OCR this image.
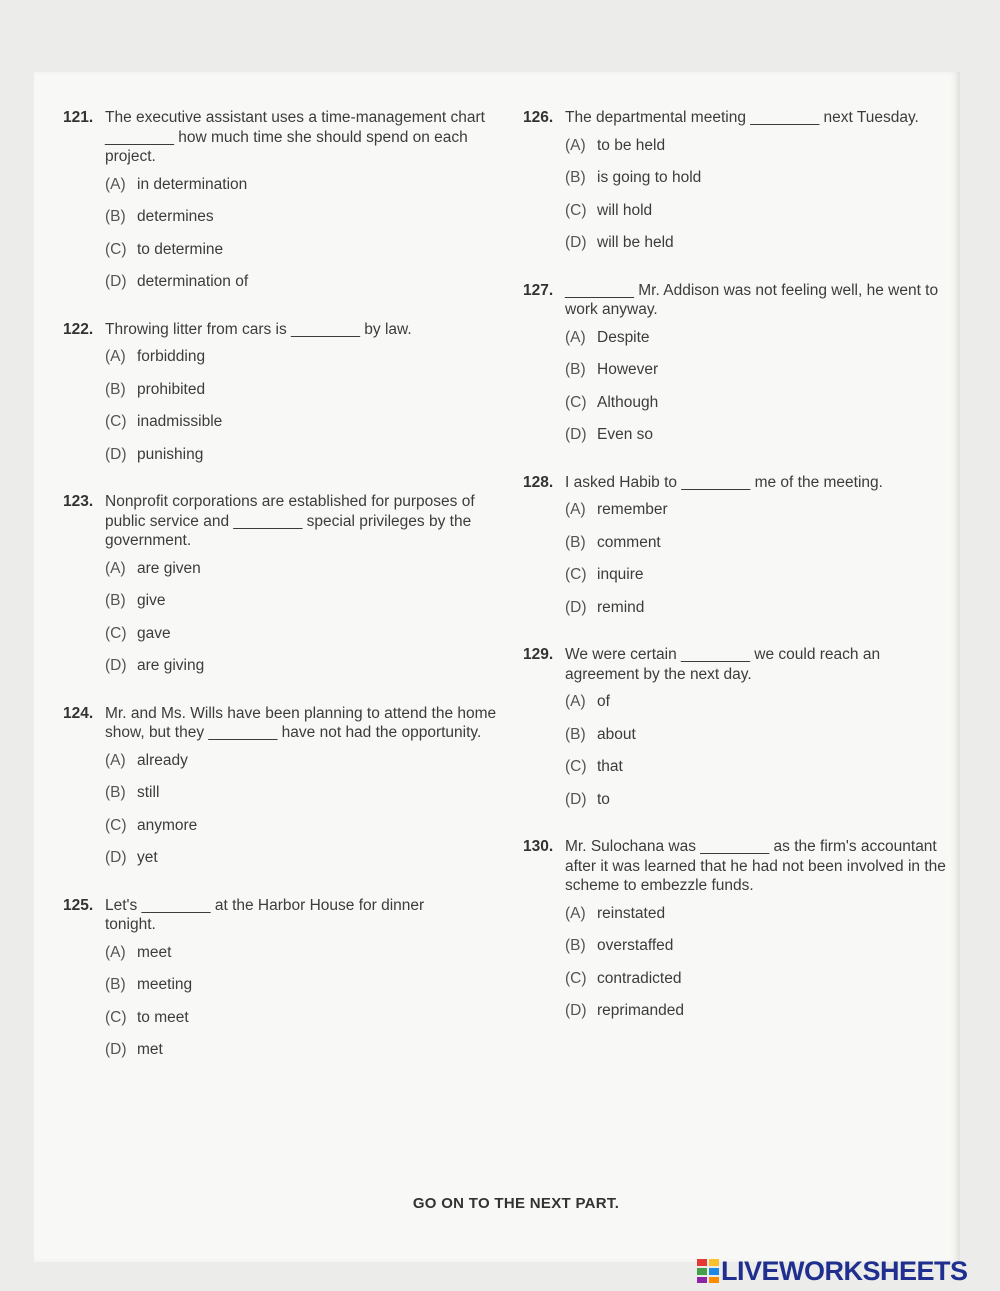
121. The executive assistant uses a time-management chart ________ how much time she should spend on each project.
(A) in determination
(B) determines
(C) to determine
(D) determination of
122. Throwing litter from cars is ________ by law.
(A) forbidding
(B) prohibited
(C) inadmissible
(D) punishing
123. Nonprofit corporations are established for purposes of public service and ________ special privileges by the government.
(A) are given
(B) give
(C) gave
(D) are giving
124. Mr. and Ms. Wills have been planning to attend the home show, but they ________ have not had the opportunity.
(A) already
(B) still
(C) anymore
(D) yet
125. Let's ________ at the Harbor House for dinner tonight.
(A) meet
(B) meeting
(C) to meet
(D) met
126. The departmental meeting ________ next Tuesday.
(A) to be held
(B) is going to hold
(C) will hold
(D) will be held
127. ________ Mr. Addison was not feeling well, he went to work anyway.
(A) Despite
(B) However
(C) Although
(D) Even so
128. I asked Habib to ________ me of the meeting.
(A) remember
(B) comment
(C) inquire
(D) remind
129. We were certain ________ we could reach an agreement by the next day.
(A) of
(B) about
(C) that
(D) to
130. Mr. Sulochana was ________ as the firm's accountant after it was learned that he had not been involved in the scheme to embezzle funds.
(A) reinstated
(B) overstaffed
(C) contradicted
(D) reprimanded
GO ON TO THE NEXT PART.
LIVEWORKSHEETS
